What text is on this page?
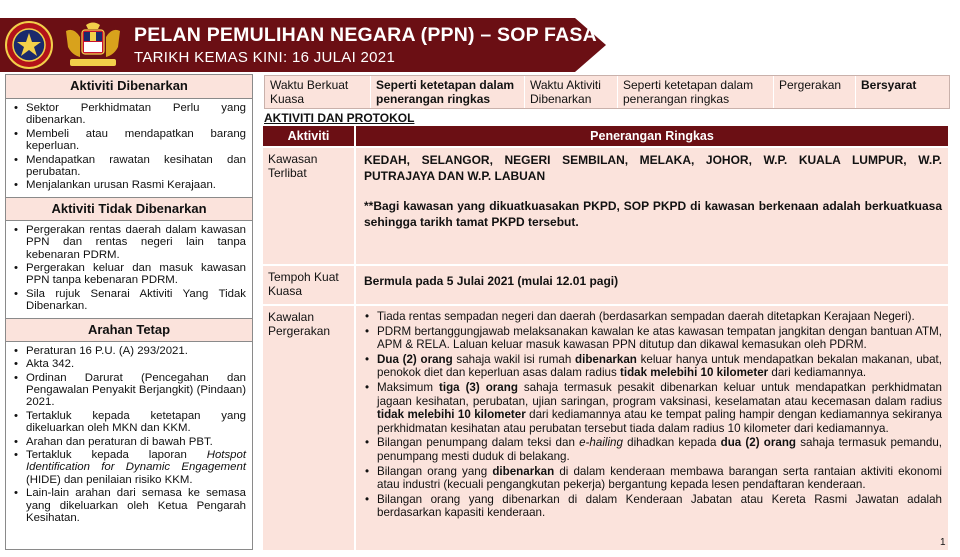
PELAN PEMULIHAN NEGARA (PPN) – SOP FASA 1
TARIKH KEMAS KINI: 16 JULAI 2021
Aktiviti Dibenarkan
• Sektor Perkhidmatan Perlu yang dibenarkan.
• Membeli atau mendapatkan barang keperluan.
• Mendapatkan rawatan kesihatan dan perubatan.
• Menjalankan urusan Rasmi Kerajaan.
Aktiviti Tidak Dibenarkan
• Pergerakan rentas daerah dalam kawasan PPN dan rentas negeri lain tanpa kebenaran PDRM.
• Pergerakan keluar dan masuk kawasan PPN tanpa kebenaran PDRM.
• Sila rujuk Senarai Aktiviti Yang Tidak Dibenarkan.
Arahan Tetap
• Peraturan 16 P.U. (A) 293/2021.
• Akta 342.
• Ordinan Darurat (Pencegahan dan Pengawalan Penyakit Berjangkit) (Pindaan) 2021.
• Tertakluk kepada ketetapan yang dikeluarkan oleh MKN dan KKM.
• Arahan dan peraturan di bawah PBT.
• Tertakluk kepada laporan Hotspot Identification for Dynamic Engagement (HIDE) dan penilaian risiko KKM.
• Lain-lain arahan dari semasa ke semasa yang dikeluarkan oleh Ketua Pengarah Kesihatan.
Waktu Berkuat Kuasa
Seperti ketetapan dalam penerangan ringkas
Waktu Aktiviti Dibenarkan
Seperti ketetapan dalam penerangan ringkas
Pergerakan	Bersyarat
AKTIVITI DAN PROTOKOL
Aktiviti	Penerangan Ringkas
Kawasan Terlibat

KEDAH, SELANGOR, NEGERI SEMBILAN, MELAKA, JOHOR, W.P. KUALA LUMPUR, W.P. PUTRAJAYA DAN W.P. LABUAN

**Bagi kawasan yang dikuatkuasakan PKPD, SOP PKPD di kawasan berkenaan adalah berkuatkuasa sehingga tarikh tamat PKPD tersebut.

Tempoh Kuat Kuasa
Bermula pada 5 Julai 2021 (mulai 12.01 pagi)
Kawalan Pergerakan
• Tiada rentas sempadan negeri dan daerah (berdasarkan sempadan daerah ditetapkan Kerajaan Negeri).
• PDRM bertanggungjawab melaksanakan kawalan ke atas kawasan tempatan jangkitan dengan bantuan ATM, APM & RELA. Laluan keluar masuk kawasan PPN ditutup dan dikawal kemasukan oleh PDRM.
• Dua (2) orang sahaja wakil isi rumah dibenarkan keluar hanya untuk mendapatkan bekalan makanan, ubat, penokok diet dan keperluan asas dalam radius tidak melebihi 10 kilometer dari kediamannya.
• Maksimum tiga (3) orang sahaja termasuk pesakit dibenarkan keluar untuk mendapatkan perkhidmatan jagaan kesihatan, perubatan, ujian saringan, program vaksinasi, keselamatan atau kecemasan dalam radius tidak melebihi 10 kilometer dari kediamannya atau ke tempat paling hampir dengan kediamannya sekiranya perkhidmatan kesihatan atau perubatan tersebut tiada dalam radius 10 kilometer dari kediamannya.
• Bilangan penumpang dalam teksi dan e-hailing dihadkan kepada dua (2) orang sahaja termasuk pemandu, penumpang mesti duduk di belakang.
• Bilangan orang yang dibenarkan di dalam kenderaan membawa barangan serta rantaian aktiviti ekonomi atau industri (kecuali pengangkutan pekerja) bergantung kepada lesen pendaftaran kenderaan.
• Bilangan orang yang dibenarkan di dalam Kenderaan Jabatan atau Kereta Rasmi Jawatan adalah berdasarkan kapasiti kenderaan.
1
